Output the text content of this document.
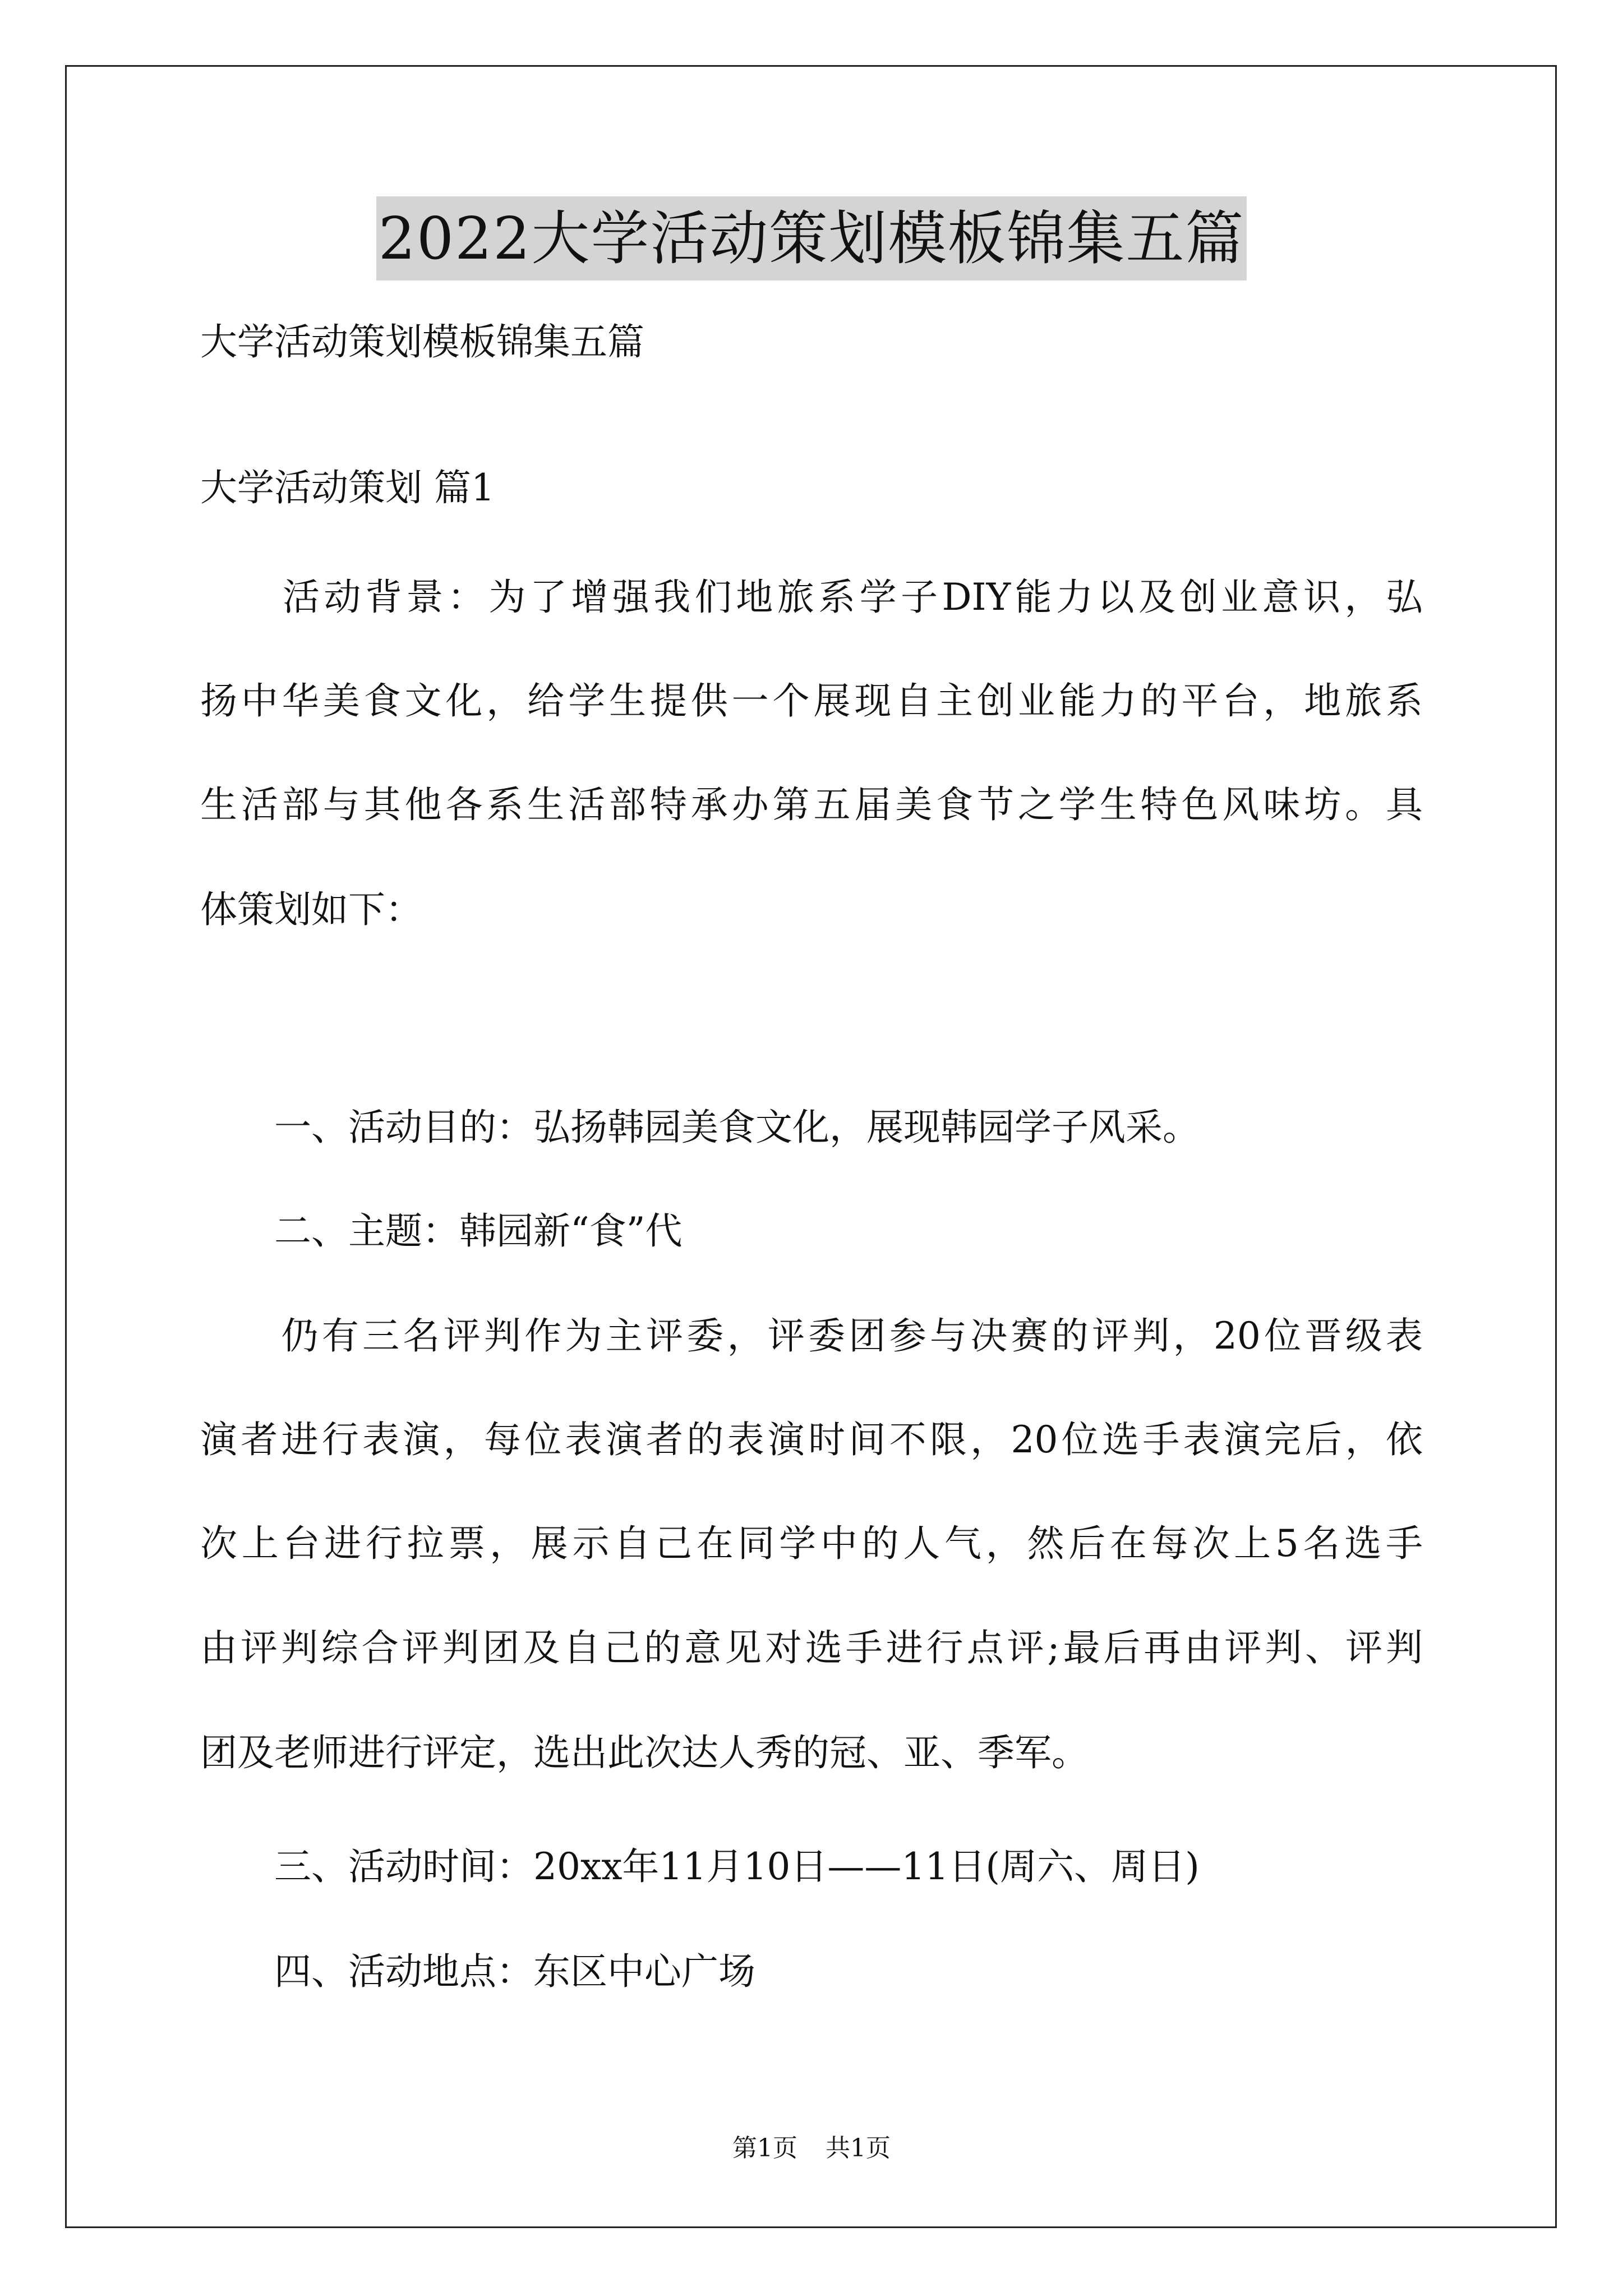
2022大学活动策划模板锦集五篇
大学活动策划模板锦集五篇
大学活动策划 篇1
　　活动背景：为了增强我们地旅系学子DIY能力以及创业意识，弘
扬中华美食文化，给学生提供一个展现自主创业能力的平台，地旅系
生活部与其他各系生活部特承办第五届美食节之学生特色风味坊。具
体策划如下：
　　一、活动目的：弘扬韩园美食文化，展现韩园学子风采。
　　二、主题：韩园新“食”代
　　仍有三名评判作为主评委，评委团参与决赛的评判，20位晋级表
演者进行表演，每位表演者的表演时间不限，20位选手表演完后，依
次上台进行拉票，展示自己在同学中的人气，然后在每次上5名选手
由评判综合评判团及自己的意见对选手进行点评;最后再由评判、评判
团及老师进行评定，选出此次达人秀的冠、亚、季军。
　　三、活动时间：20xx年11月10日——11日(周六、周日)
　　四、活动地点：东区中心广场
第1页 共1页
